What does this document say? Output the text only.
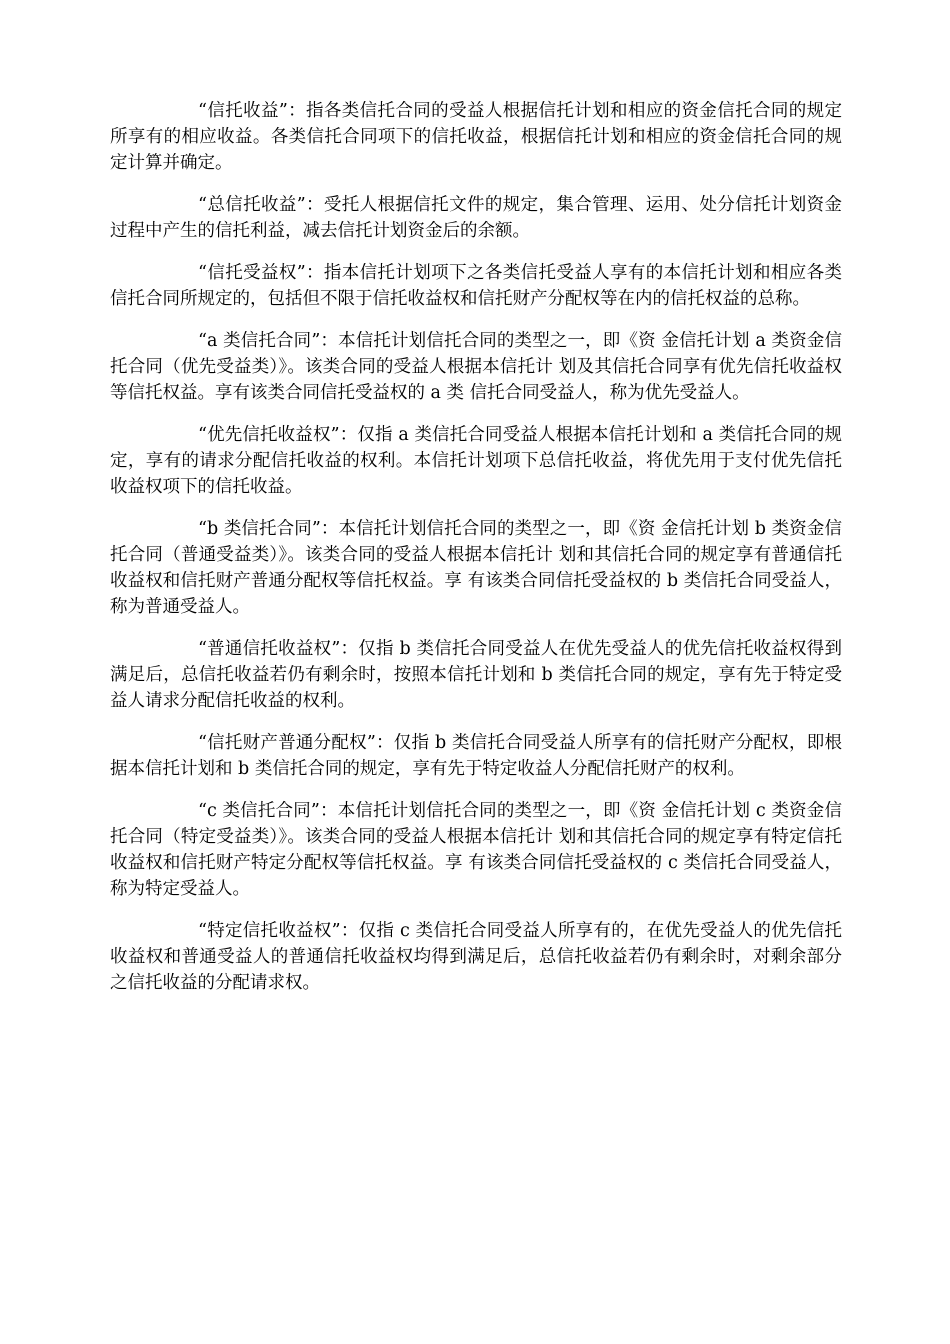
“信托收益”：指各类信托合同的受益人根据信托计划和相应的资金信托合同的规定所享有的相应收益。各类信托合同项下的信托收益，根据信托计划和相应的资金信托合同的规定计算并确定。

“总信托收益”：受托人根据信托文件的规定，集合管理、运用、处分信托计划资金过程中产生的信托利益，减去信托计划资金后的余额。

“信托受益权”：指本信托计划项下之各类信托受益人享有的本信托计划和相应各类信托合同所规定的，包括但不限于信托收益权和信托财产分配权等在内的信托权益的总称。

“a 类信托合同”：本信托计划信托合同的类型之一，即《资 金信托计划 a 类资金信托合同（优先受益类）》。该类合同的受益人根据本信托计 划及其信托合同享有优先信托收益权等信托权益。享有该类合同信托受益权的 a 类 信托合同受益人，称为优先受益人。

“优先信托收益权”：仅指 a 类信托合同受益人根据本信托计划和 a 类信托合同的规定，享有的请求分配信托收益的权利。本信托计划项下总信托收益，将优先用于支付优先信托收益权项下的信托收益。

“b 类信托合同”：本信托计划信托合同的类型之一，即《资 金信托计划 b 类资金信托合同（普通受益类）》。该类合同的受益人根据本信托计 划和其信托合同的规定享有普通信托收益权和信托财产普通分配权等信托权益。享 有该类合同信托受益权的 b 类信托合同受益人，称为普通受益人。

“普通信托收益权”：仅指 b 类信托合同受益人在优先受益人的优先信托收益权得到满足后，总信托收益若仍有剩余时，按照本信托计划和 b 类信托合同的规定，享有先于特定受益人请求分配信托收益的权利。

“信托财产普通分配权”：仅指 b 类信托合同受益人所享有的信托财产分配权，即根据本信托计划和 b 类信托合同的规定，享有先于特定收益人分配信托财产的权利。

“c 类信托合同”：本信托计划信托合同的类型之一，即《资 金信托计划 c 类资金信托合同（特定受益类）》。该类合同的受益人根据本信托计 划和其信托合同的规定享有特定信托收益权和信托财产特定分配权等信托权益。享 有该类合同信托受益权的 c 类信托合同受益人，称为特定受益人。

“特定信托收益权”：仅指 c 类信托合同受益人所享有的，在优先受益人的优先信托收益权和普通受益人的普通信托收益权均得到满足后，总信托收益若仍有剩余时，对剩余部分之信托收益的分配请求权。
